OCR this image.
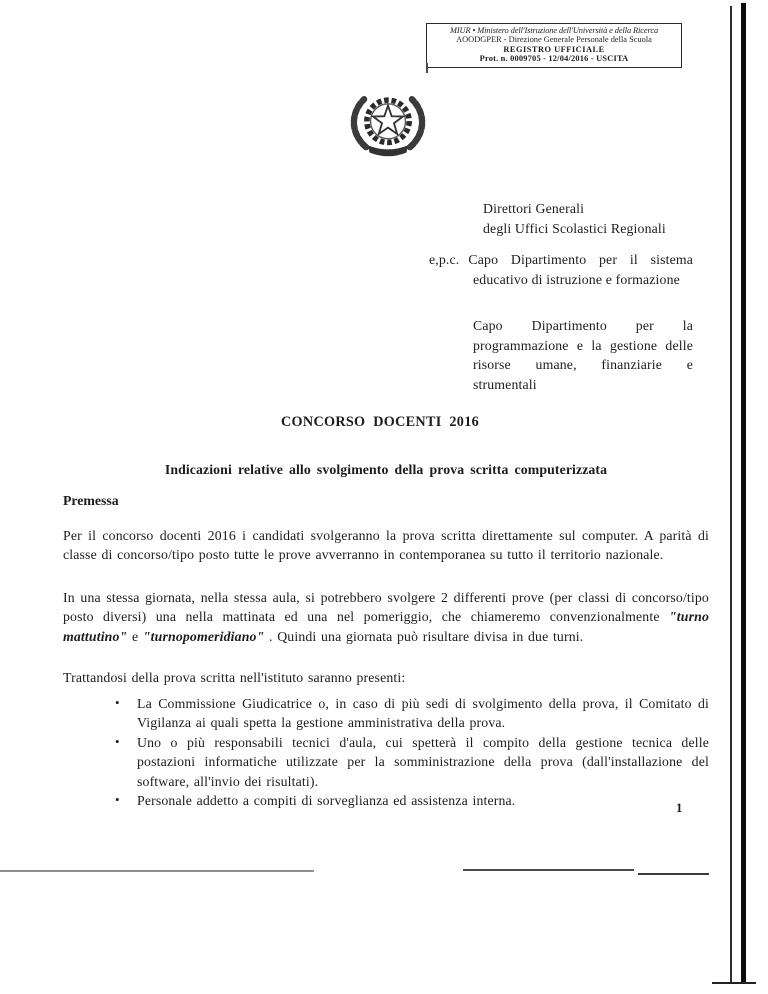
MIUR • Ministero dell'Istruzione dell'Università e della Ricerca
AOODGPER - Direzione Generale Personale della Scuola
REGISTRO UFFICIALE
Prot. n. 0009705 - 12/04/2016 - USCITA
Direttori Generali
degli Uffici Scolastici Regionali
e,p.c. Capo Dipartimento per il sistema educativo di istruzione e formazione
Capo Dipartimento per la programmazione e la gestione delle risorse umane, finanziarie e strumentali
CONCORSO DOCENTI 2016
Indicazioni relative allo svolgimento della prova scritta computerizzata
Premessa
Per il concorso docenti 2016 i candidati svolgeranno la prova scritta direttamente sul computer. A parità di classe di concorso/tipo posto tutte le prove avverranno in contemporanea su tutto il territorio nazionale.
In una stessa giornata, nella stessa aula, si potrebbero svolgere 2 differenti prove (per classi di concorso/tipo posto diversi) una nella mattinata ed una nel pomeriggio, che chiameremo convenzionalmente "turno mattutino" e "turnopomeridiano" . Quindi una giornata può risultare divisa in due turni.
Trattandosi della prova scritta nell'istituto saranno presenti:
• La Commissione Giudicatrice o, in caso di più sedi di svolgimento della prova, il Comitato di Vigilanza ai quali spetta la gestione amministrativa della prova.
• Uno o più responsabili tecnici d'aula, cui spetterà il compito della gestione tecnica delle postazioni informatiche utilizzate per la somministrazione della prova (dall'installazione del software, all'invio dei risultati).
• Personale addetto a compiti di sorveglianza ed assistenza interna.	1
